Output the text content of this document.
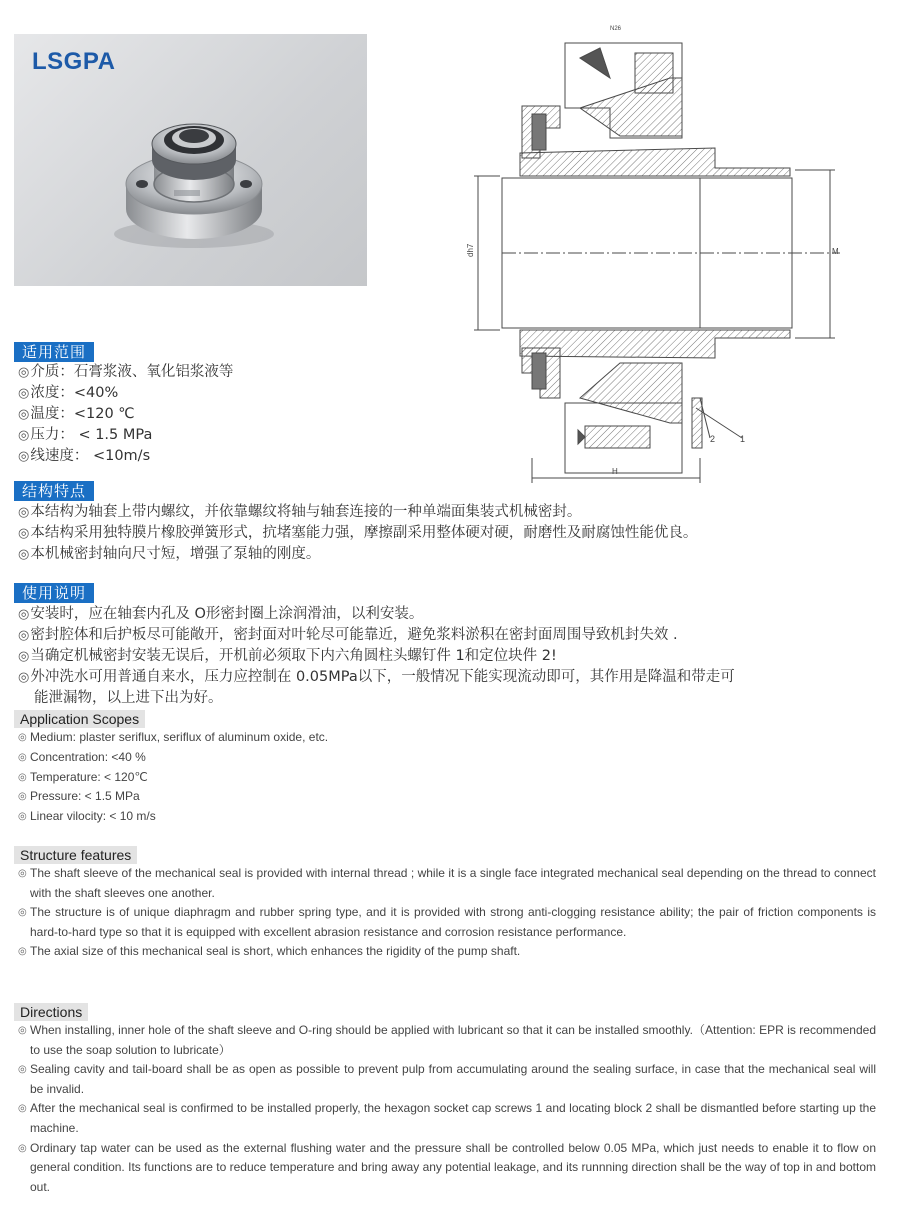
LSGPA
dh7	M
H
1
2
N26
适用范围
◎介质：石膏浆液、氧化铝浆液等
◎浓度：<40%
◎温度：<120 ℃
◎压力： < 1.5 MPa
◎线速度： <10m/s
结构特点
◎本结构为轴套上带内螺纹，并依靠螺纹将轴与轴套连接的一种单端面集装式机械密封。
◎本结构采用独特膜片橡胶弹簧形式，抗堵塞能力强，摩擦副采用整体硬对硬，耐磨性及耐腐蚀性能优良。
◎本机械密封轴向尺寸短，增强了泵轴的刚度。
使用说明
◎安装时，应在轴套内孔及 O形密封圈上涂润滑油，以利安装。
◎密封腔体和后护板尽可能敞开，密封面对叶轮尽可能靠近，避免浆料淤积在密封面周围导致机封失效 .
◎当确定机械密封安装无误后，开机前必须取下内六角圆柱头螺钉件 1和定位块件 2!
◎外冲洗水可用普通自来水，压力应控制在 0.05MPa以下，一般情况下能实现流动即可，其作用是降温和带走可
能泄漏物，以上进下出为好。
Application Scopes
◎ Medium: plaster seriflux, seriflux of aluminum oxide, etc.
◎ Concentration: <40 %
◎ Temperature: < 120℃
◎ Pressure: < 1.5 MPa
◎ Linear vilocity: < 10 m/s
Structure features
◎ The shaft sleeve of the mechanical seal is provided with internal thread ; while it is a single face integrated mechanical seal depending on the thread to connect with the shaft sleeves one another.
◎ The structure is of unique diaphragm and rubber spring type, and it is provided with strong anti-clogging resistance ability; the pair of friction components is hard-to-hard type so that it is equipped with excellent abrasion resistance and corrosion resistance performance.
◎ The axial size of this mechanical seal is short, which enhances the rigidity of the pump shaft.
Directions
◎ When installing, inner hole of the shaft sleeve and O-ring should be applied with lubricant so that it can be installed smoothly.（Attention: EPR is recommended to use the soap solution to lubricate）
◎ Sealing cavity and tail-board shall be as open as possible to prevent pulp from accumulating around the sealing surface, in case that the mechanical seal will be invalid.
◎ After the mechanical seal is confirmed to be installed properly, the hexagon socket cap screws 1 and locating block 2 shall be dismantled before starting up the machine.
◎ Ordinary tap water can be used as the external flushing water and the pressure shall be controlled below 0.05 MPa, which just needs to enable it to flow on general condition. Its functions are to reduce temperature and bring away any potential leakage, and its runnning direction shall be the way of top in and bottom out.
